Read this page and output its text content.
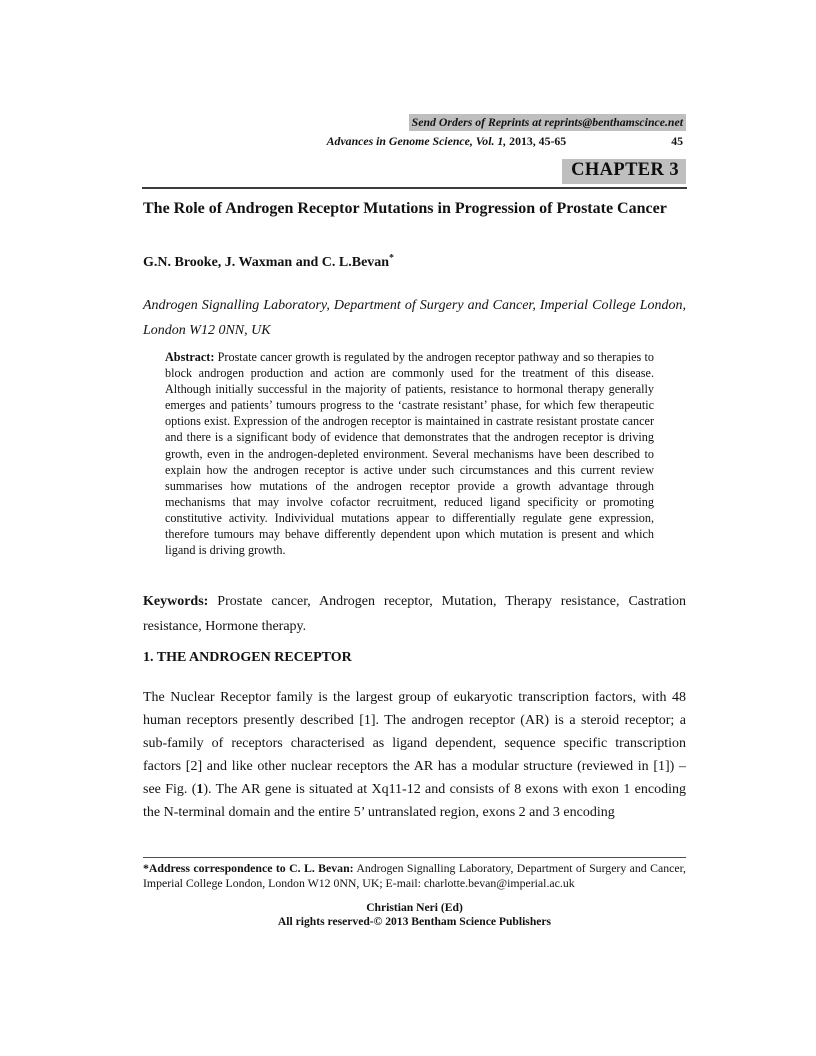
Send Orders of Reprints at reprints@benthamscince.net
Advances in Genome Science, Vol. 1, 2013, 45-65	45
CHAPTER 3
The Role of Androgen Receptor Mutations in Progression of Prostate Cancer
G.N. Brooke, J. Waxman and C. L.Bevan*
Androgen Signalling Laboratory, Department of Surgery and Cancer, Imperial College London, London W12 0NN, UK
Abstract: Prostate cancer growth is regulated by the androgen receptor pathway and so therapies to block androgen production and action are commonly used for the treatment of this disease. Although initially successful in the majority of patients, resistance to hormonal therapy generally emerges and patients’ tumours progress to the ‘castrate resistant’ phase, for which few therapeutic options exist. Expression of the androgen receptor is maintained in castrate resistant prostate cancer and there is a significant body of evidence that demonstrates that the androgen receptor is driving growth, even in the androgen-depleted environment. Several mechanisms have been described to explain how the androgen receptor is active under such circumstances and this current review summarises how mutations of the androgen receptor provide a growth advantage through mechanisms that may involve cofactor recruitment, reduced ligand specificity or promoting constitutive activity. Indivividual mutations appear to differentially regulate gene expression, therefore tumours may behave differently dependent upon which mutation is present and which ligand is driving growth.
Keywords: Prostate cancer, Androgen receptor, Mutation, Therapy resistance, Castration resistance, Hormone therapy.
1. THE ANDROGEN RECEPTOR
The Nuclear Receptor family is the largest group of eukaryotic transcription factors, with 48 human receptors presently described [1]. The androgen receptor (AR) is a steroid receptor; a sub-family of receptors characterised as ligand dependent, sequence specific transcription factors [2] and like other nuclear receptors the AR has a modular structure (reviewed in [1]) – see Fig. (1). The AR gene is situated at Xq11-12 and consists of 8 exons with exon 1 encoding the N-terminal domain and the entire 5’ untranslated region, exons 2 and 3 encoding
*Address correspondence to C. L. Bevan: Androgen Signalling Laboratory, Department of Surgery and Cancer, Imperial College London, London W12 0NN, UK; E-mail: charlotte.bevan@imperial.ac.uk
Christian Neri (Ed)
All rights reserved-© 2013 Bentham Science Publishers
